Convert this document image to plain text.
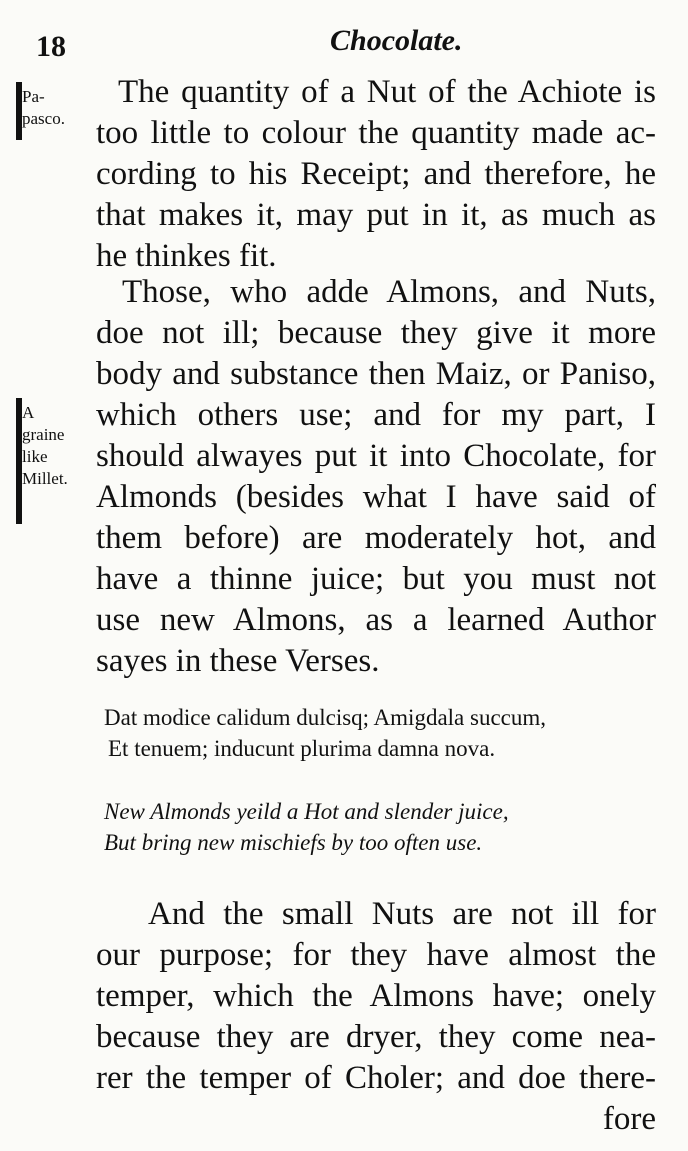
18	Chocolate.
Pa-
pasco.
A
graine
like
Millet.
The quantity of a Nut of the Achiote is
too little to colour the quantity made ac-
cording to his Receipt; and therefore, he
that makes it, may put in it, as much as
he thinkes fit.
Those, who adde Almons, and Nuts,
doe not ill; because they give it more
body and substance then Maiz, or Paniso,
which others use; and for my part, I
should alwayes put it into Chocolate, for
Almonds (besides what I have said of
them before) are moderately hot, and
have a thinne juice; but you must not
use new Almons, as a learned Author
sayes in these Verses.
Dat modice calidum dulcisq; Amigdala succum,
Et tenuem; inducunt plurima damna nova.
New Almonds yeild a Hot and slender juice,
But bring new mischiefs by too often use.
And the small Nuts are not ill for
our purpose; for they have almost the
temper, which the Almons have; onely
because they are dryer, they come nea-
rer the temper of Choler; and doe there-
fore
